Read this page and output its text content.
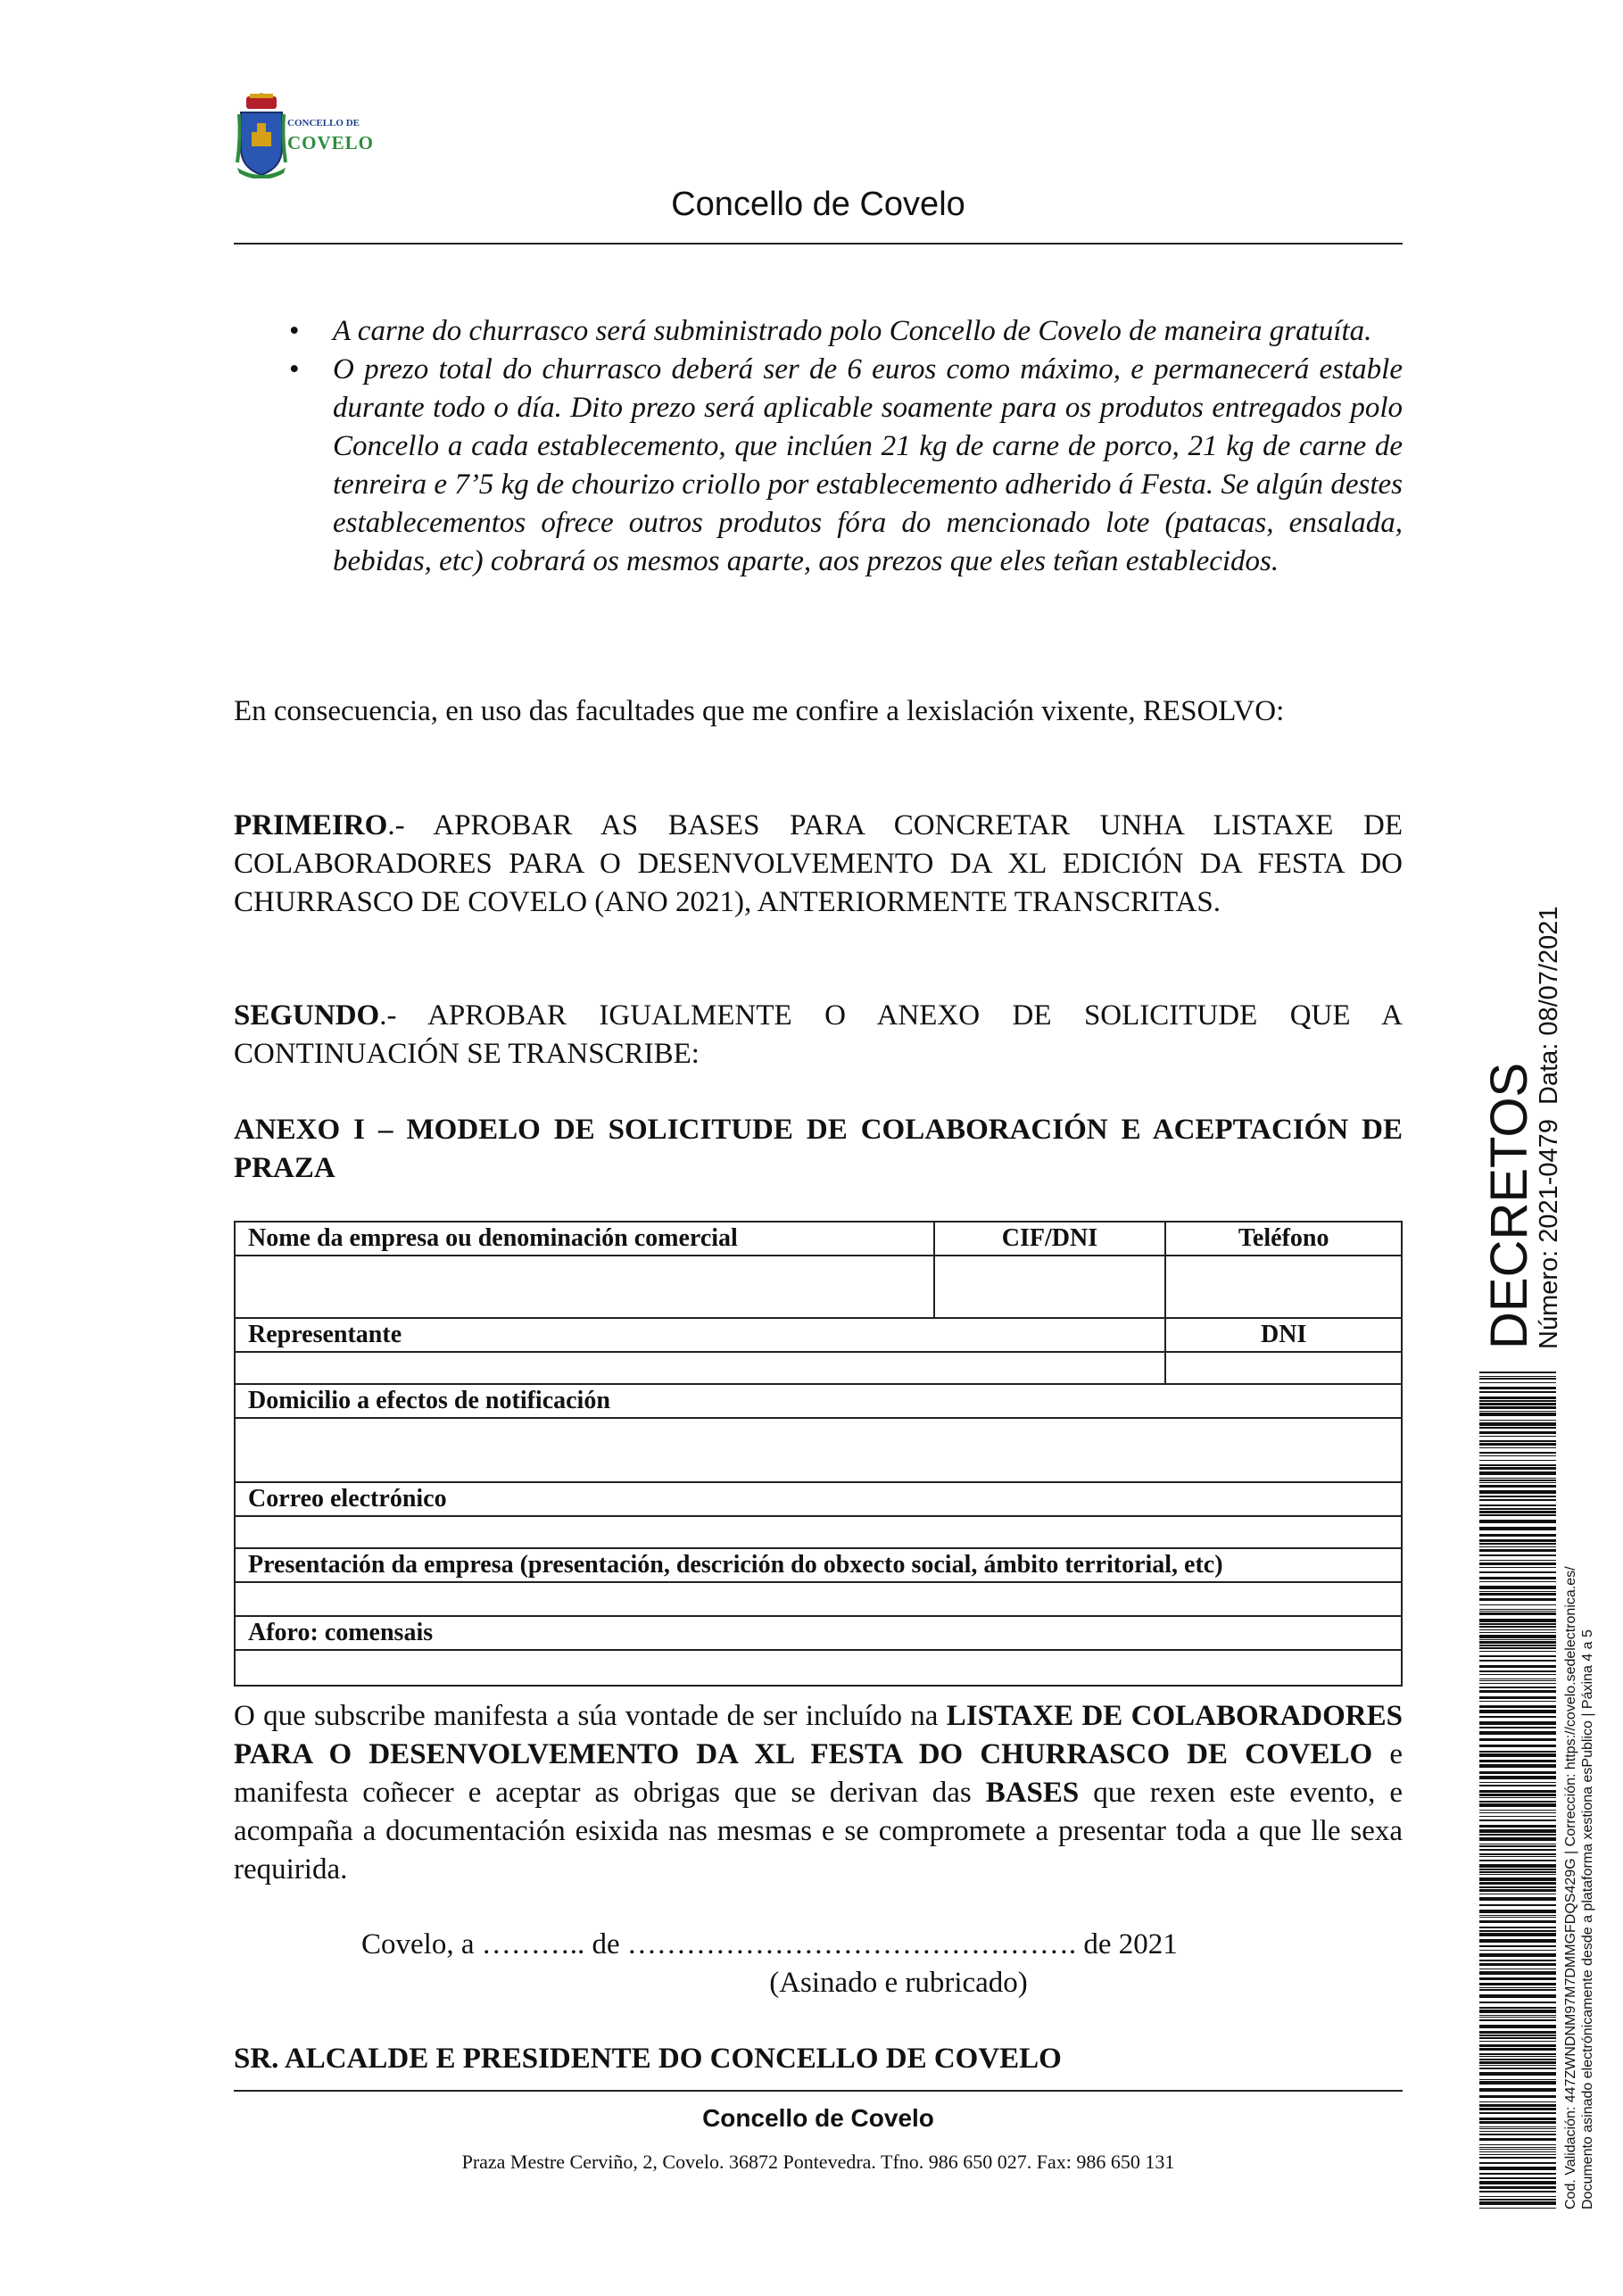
CONCELLO DE
COVELO
Concello de Covelo
• A carne do churrasco será subministrado polo Concello de Covelo de maneira gratuíta.
• O prezo total do churrasco deberá ser de 6 euros como máximo, e permanecerá estable durante todo o día. Dito prezo será aplicable soamente para os produtos entregados polo Concello a cada establecemento, que inclúen 21 kg de carne de porco, 21 kg de carne de tenreira e 7’5 kg de chourizo criollo por establecemento adherido á Festa. Se algún destes establecementos ofrece outros produtos fóra do mencionado lote (patacas, ensalada, bebidas, etc) cobrará os mesmos aparte, aos prezos que eles teñan establecidos.
En consecuencia, en uso das facultades que me confire a lexislación vixente, RESOLVO:
PRIMEIRO.- APROBAR AS BASES PARA CONCRETAR UNHA LISTAXE DE COLABORADORES PARA O DESENVOLVEMENTO DA XL EDICIÓN DA FESTA DO CHURRASCO DE COVELO (ANO 2021), ANTERIORMENTE TRANSCRITAS.
SEGUNDO.- APROBAR IGUALMENTE O ANEXO DE SOLICITUDE QUE A CONTINUACIÓN SE TRANSCRIBE:
ANEXO I – MODELO DE SOLICITUDE DE COLABORACIÓN E ACEPTACIÓN DE PRAZA
Nome da empresa ou denominación comercial	CIF/DNI	Teléfono

Representante		DNI

Domicilio a efectos de notificación		

Correo electrónico		

Presentación da empresa (presentación, descrición do obxecto social, ámbito territorial, etc)		

Aforo: comensais		

O que subscribe manifesta a súa vontade de ser incluído na LISTAXE DE COLABORADORES PARA O DESENVOLVEMENTO DA XL FESTA DO CHURRASCO DE COVELO e manifesta coñecer e aceptar as obrigas que se derivan das BASES que rexen este evento, e acompaña a documentación esixida nas mesmas e se compromete a presentar toda a que lle sexa requirida.
Covelo, a ……….. de ………………………………………. de 2021
(Asinado e rubricado)
SR. ALCALDE E PRESIDENTE DO CONCELLO DE COVELO
Concello de Covelo
Praza Mestre Cerviño, 2, Covelo. 36872 Pontevedra. Tfno. 986 650 027. Fax: 986 650 131
DECRETOS
Número: 2021-0479
Data: 08/07/2021
Cod. Validación: 447ZWNDNM97M7DMMGFDQS429G | Corrección: https://covelo.sedelectronica.es/ Documento asinado electrónicamente desde a plataforma xestiona esPublico | Páxina 4 a 5
